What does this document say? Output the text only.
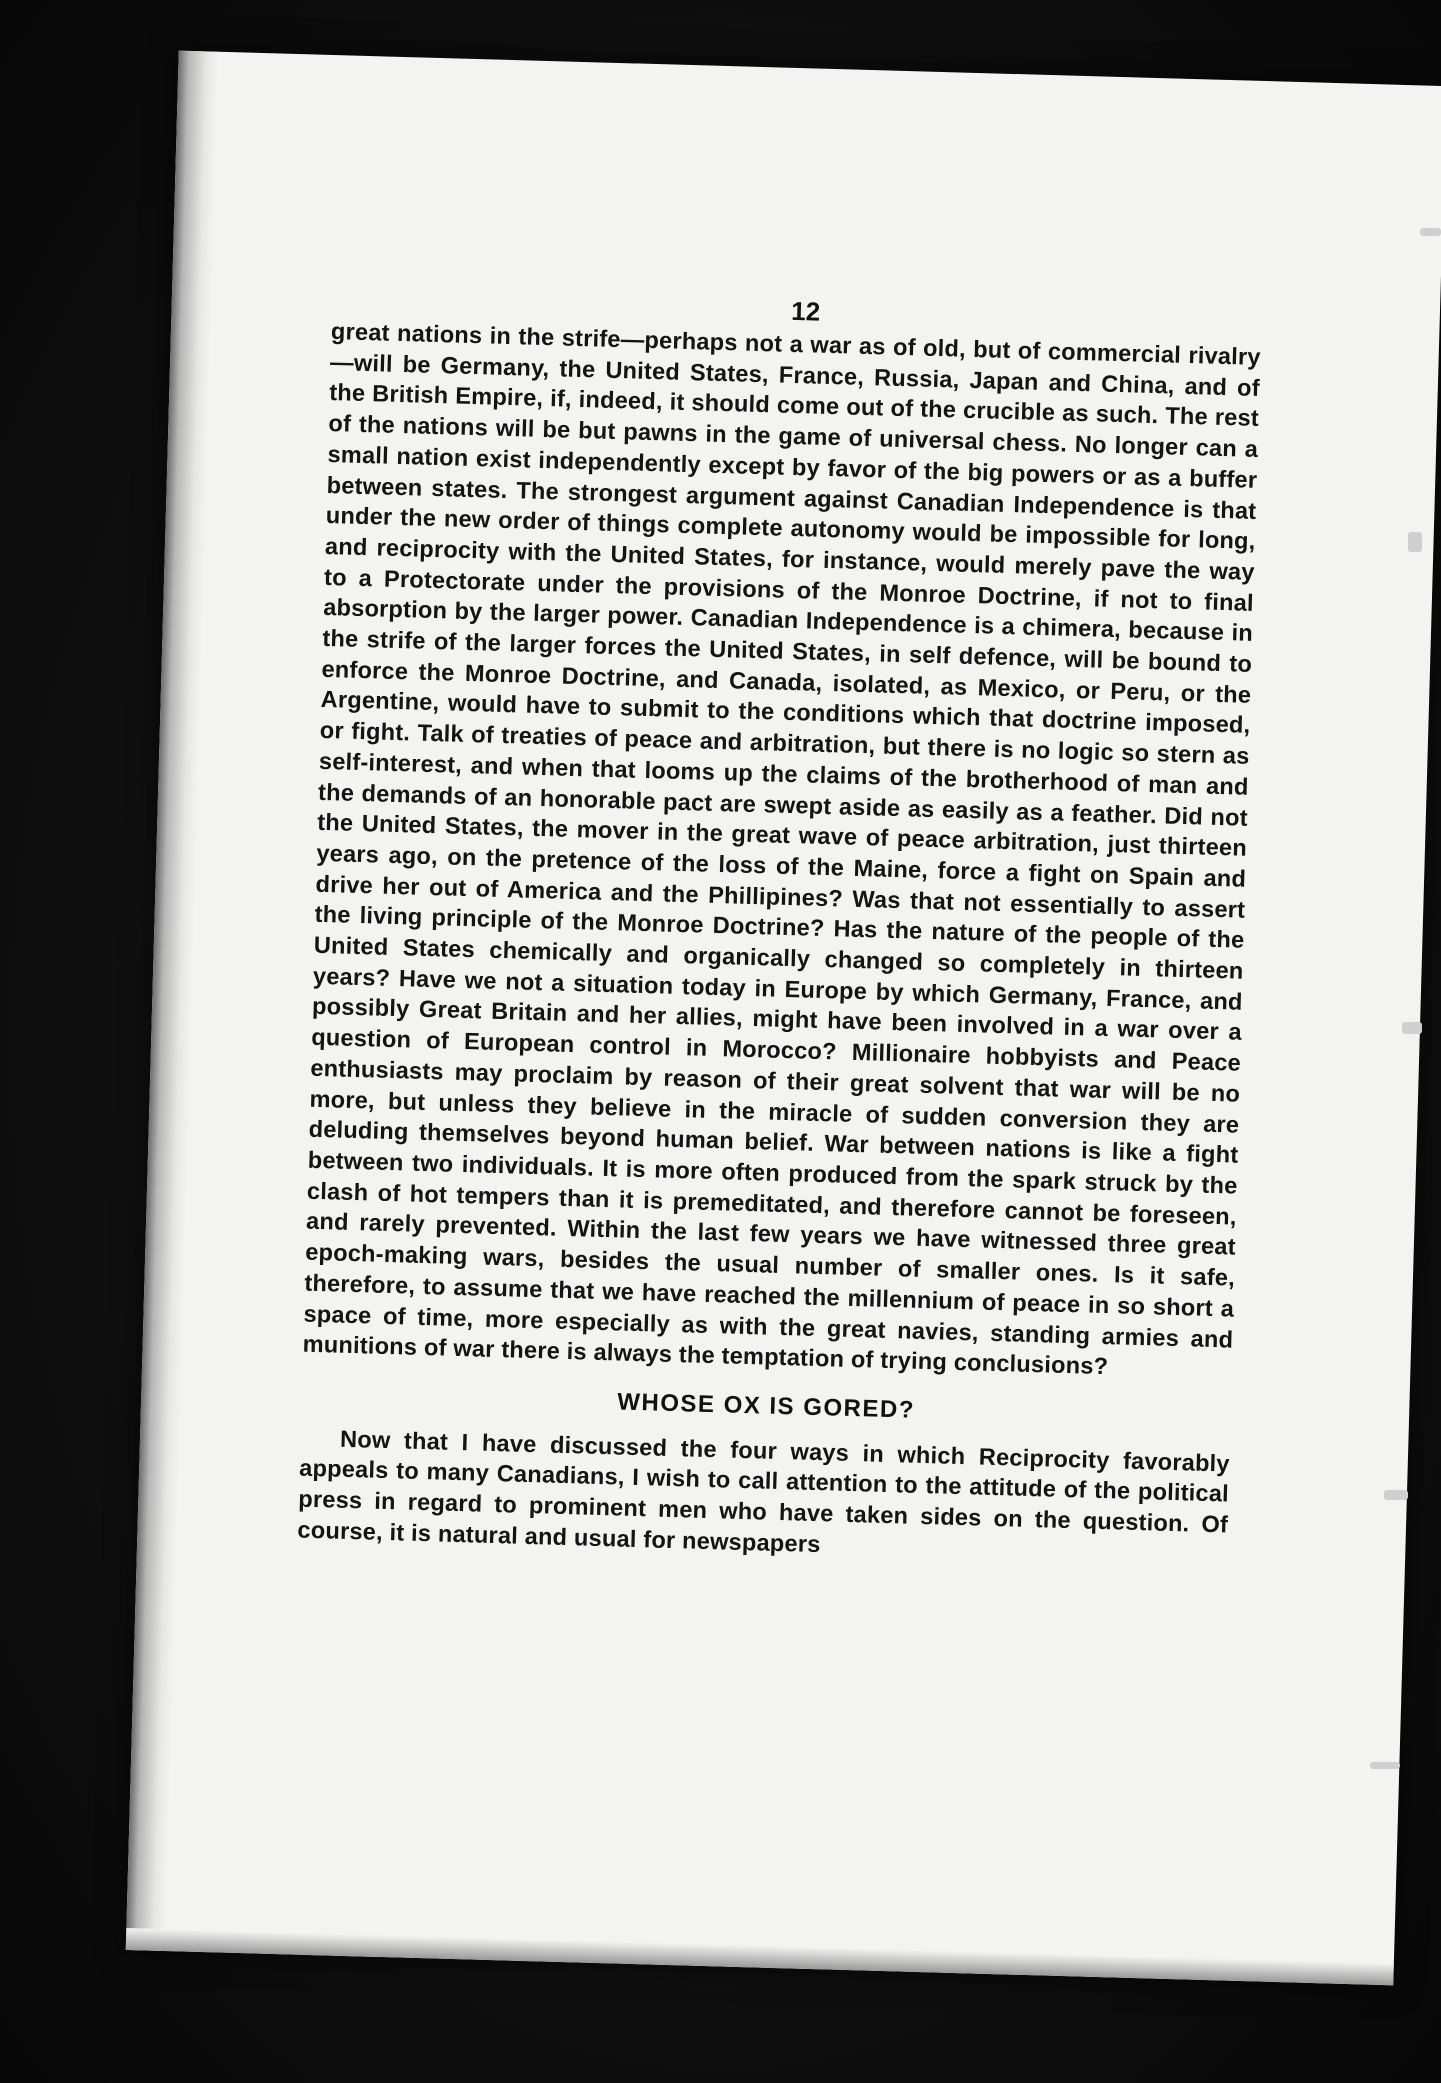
12

great nations in the strife—perhaps not a war as of old, but of commercial rivalry—will be Germany, the United States, France, Russia, Japan and China, and of the British Empire, if, indeed, it should come out of the crucible as such. The rest of the nations will be but pawns in the game of universal chess. No longer can a small nation exist independently except by favor of the big powers or as a buffer between states. The strongest argument against Canadian Independence is that under the new order of things complete autonomy would be impossible for long, and reciprocity with the United States, for instance, would merely pave the way to a Protectorate under the provisions of the Monroe Doctrine, if not to final absorption by the larger power. Canadian Independence is a chimera, because in the strife of the larger forces the United States, in self defence, will be bound to enforce the Monroe Doctrine, and Canada, isolated, as Mexico, or Peru, or the Argentine, would have to submit to the conditions which that doctrine imposed, or fight. Talk of treaties of peace and arbitration, but there is no logic so stern as self-interest, and when that looms up the claims of the brotherhood of man and the demands of an honorable pact are swept aside as easily as a feather. Did not the United States, the mover in the great wave of peace arbitration, just thirteen years ago, on the pretence of the loss of the Maine, force a fight on Spain and drive her out of America and the Phillipines? Was that not essentially to assert the living principle of the Monroe Doctrine? Has the nature of the people of the United States chemically and organically changed so completely in thirteen years? Have we not a situation today in Europe by which Germany, France, and possibly Great Britain and her allies, might have been involved in a war over a question of European control in Morocco? Millionaire hobbyists and Peace enthusiasts may proclaim by reason of their great solvent that war will be no more, but unless they believe in the miracle of sudden conversion they are deluding themselves beyond human belief. War between nations is like a fight between two individuals. It is more often produced from the spark struck by the clash of hot tempers than it is premeditated, and therefore cannot be foreseen, and rarely prevented. Within the last few years we have witnessed three great epoch-making wars, besides the usual number of smaller ones. Is it safe, therefore, to assume that we have reached the millennium of peace in so short a space of time, more especially as with the great navies, standing armies and munitions of war there is always the temptation of trying conclusions?

WHOSE OX IS GORED?

Now that I have discussed the four ways in which Reciprocity favorably appeals to many Canadians, I wish to call attention to the attitude of the political press in regard to prominent men who have taken sides on the question. Of course, it is natural and usual for newspapers
